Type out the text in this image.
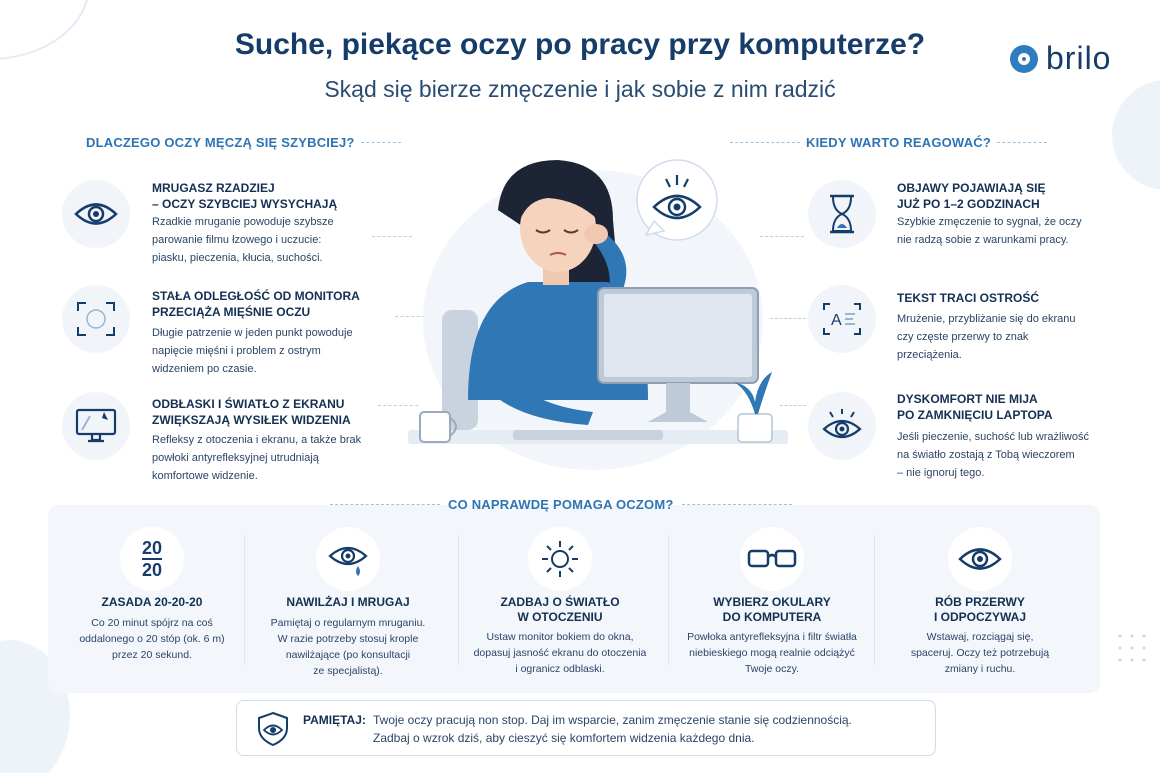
Suche, piekące oczy po pracy przy komputerze?
Skąd się bierze zmęczenie i jak sobie z nim radzić
brilo
DLACZEGO OCZY MĘCZĄ SIĘ SZYBCIEJ?	KIEDY WARTO REAGOWAĆ?
MRUGASZ RZADZIEJ
– OCZY SZYBCIEJ WYSYCHAJĄ
Rzadkie mruganie powoduje szybsze
parowanie filmu łzowego i uczucie:
piasku, pieczenia, kłucia, suchości.
STAŁA ODLEGŁOŚĆ OD MONITORA
PRZECIĄŻA MIĘŚNIE OCZU
Długie patrzenie w jeden punkt powoduje
napięcie mięśni i problem z ostrym
widzeniem po czasie.
ODBŁASKI I ŚWIATŁO Z EKRANU
ZWIĘKSZAJĄ WYSIŁEK WIDZENIA
Refleksy z otoczenia i ekranu, a także brak
powłoki antyrefleksyjnej utrudniają
komfortowe widzenie.
OBJAWY POJAWIAJĄ SIĘ
JUŻ PO 1–2 GODZINACH
Szybkie zmęczenie to sygnał, że oczy
nie radzą sobie z warunkami pracy.
A
TEKST TRACI OSTROŚĆ
Mrużenie, przybliżanie się do ekranu
czy częste przerwy to znak
przeciążenia.
DYSKOMFORT NIE MIJA
PO ZAMKNIĘCIU LAPTOPA
Jeśli pieczenie, suchość lub wrażliwość
na światło zostają z Tobą wieczorem
– nie ignoruj tego.
20
20
ZASADA 20-20-20
Co 20 minut spójrz na coś
oddalonego o 20 stóp (ok. 6 m)
przez 20 sekund.
NAWILŻAJ I MRUGAJ
Pamiętaj o regularnym mruganiu.
W razie potrzeby stosuj krople
nawilżające (po konsultacji
ze specjalistą).
ZADBAJ O ŚWIATŁO
W OTOCZENIU
Ustaw monitor bokiem do okna,
dopasuj jasność ekranu do otoczenia
i ogranicz odblaski.
WYBIERZ OKULARY
DO KOMPUTERA
Powłoka antyrefleksyjna i filtr światła
niebieskiego mogą realnie odciążyć
Twoje oczy.
RÓB PRZERWY
I ODPOCZYWAJ
Wstawaj, rozciągaj się,
spaceruj. Oczy też potrzebują
zmiany i ruchu.
CO NAPRAWDĘ POMAGA OCZOM?
PAMIĘTAJ: Twoje oczy pracują non stop. Daj im wsparcie, zanim zmęczenie stanie się codziennością.
Zadbaj o wzrok dziś, aby cieszyć się komfortem widzenia każdego dnia.
